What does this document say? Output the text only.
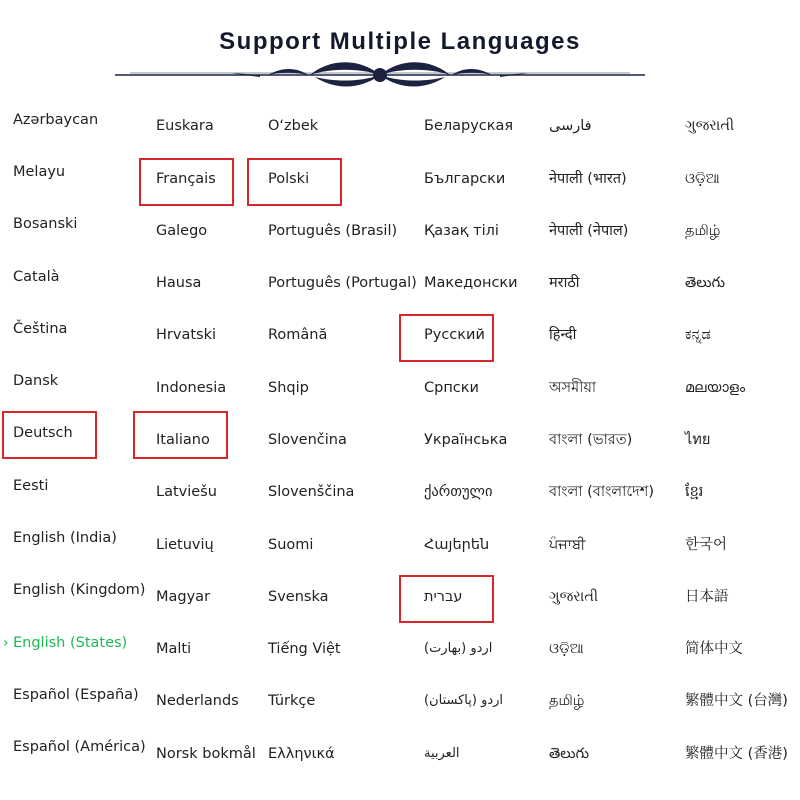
Support Multiple Languages
Azərbaycan
Melayu
Bosanski
Català
Čeština
Dansk
Deutsch
Eesti
English (India)
English (Kingdom)
› English (States)
Español (España)
Español (América)
Euskara
Français
Galego
Hausa
Hrvatski
Indonesia
Italiano
Latviešu
Lietuvių
Magyar
Malti
Nederlands
Norsk bokmål
O‘zbek
Polski
Português (Brasil)
Português (Portugal)
Română
Shqip
Slovenčina
Slovenščina
Suomi
Svenska
Tiếng Việt
Türkçe
Ελληνικά
Беларуская
Български
Қазақ тілі
Македонски
Русский
Српски
Українська
ქართული
Հայերեն
עברית
اردو (بھارت)
اردو (پاکستان)
العربية
فارسی
नेपाली (भारत)
नेपाली (नेपाल)
मराठी
हिन्दी
অসমীয়া
বাংলা (ভারত)
বাংলা (বাংলাদেশ)
ਪੰਜਾਬੀ
ગુજરાતી
ଓଡ଼ିଆ
தமிழ்
తెలుగు
ગુજરાતી
ଓଡ଼ିଆ
தமிழ்
తెలుగు
ಕನ್ನಡ
മലയാളം
ไทย
ខ្មែរ
한국어
日本語
简体中文
繁體中文 (台灣)
繁體中文 (香港)
